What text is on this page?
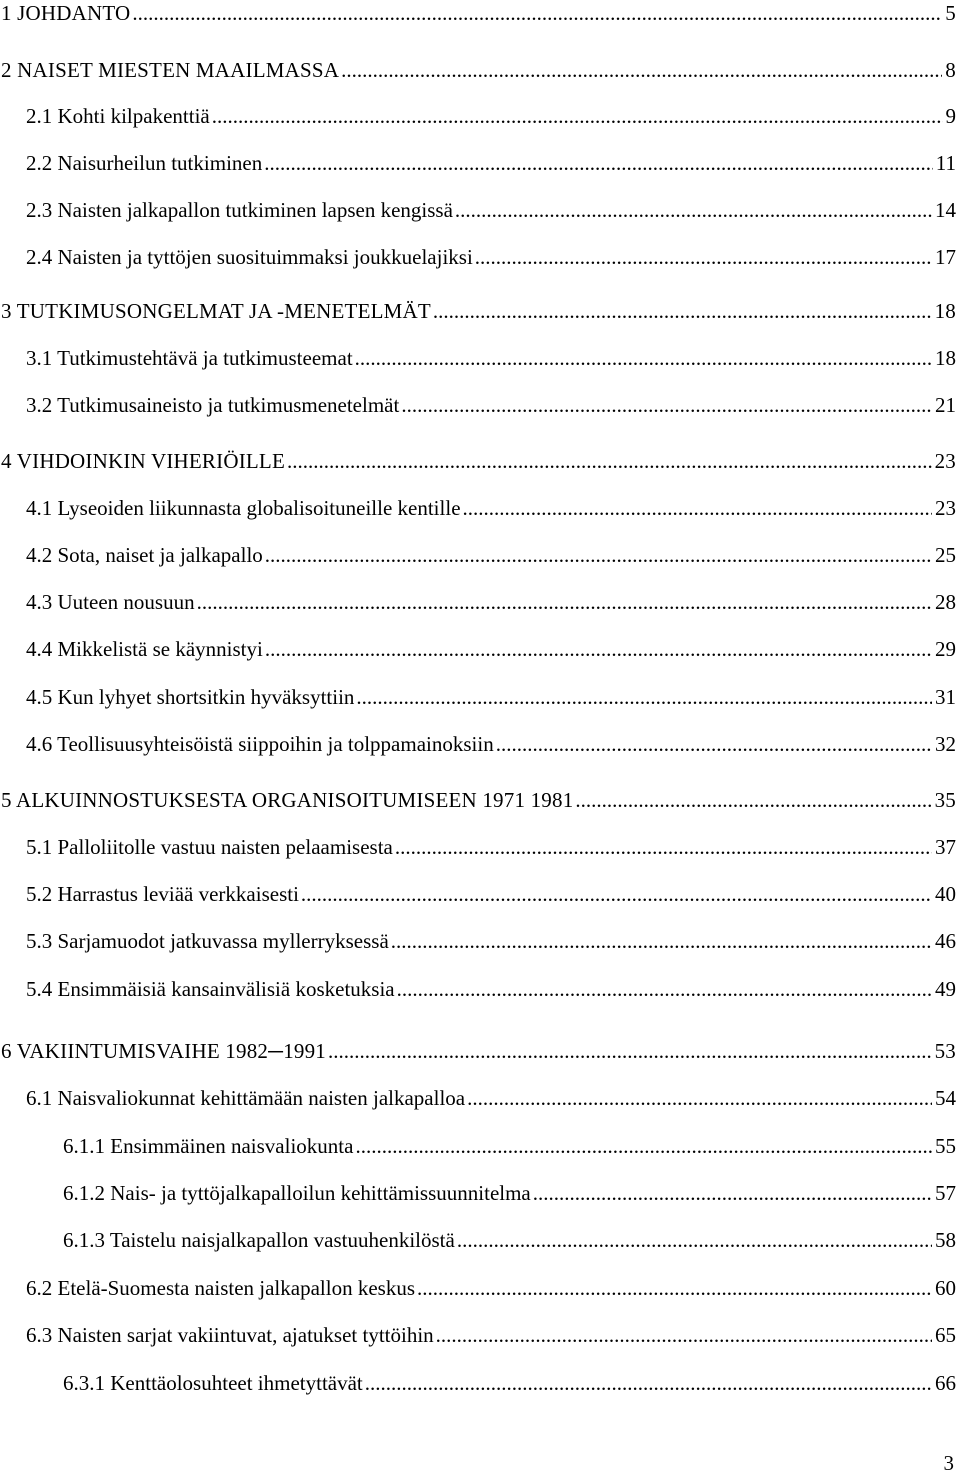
1 JOHDANTO .....	5
2 NAISET MIESTEN MAAILMASSA .....	8
2.1 Kohti kilpakenttiä .....	9
2.2 Naisurheilun tutkiminen .....	11
2.3 Naisten jalkapallon tutkiminen lapsen kengissä .....	14
2.4 Naisten ja tyttöjen suosituimmaksi joukkuelajiksi .....	17
3 TUTKIMUSONGELMAT JA -MENETELMÄT .....	18
3.1 Tutkimustehtävä ja tutkimusteemat .....	18
3.2 Tutkimusaineisto ja tutkimusmenetelmät .....	21
4 VIHDOINKIN VIHERIÖILLE .....	23
4.1 Lyseoiden liikunnasta globalisoituneille kentille .....	23
4.2 Sota, naiset ja jalkapallo .....	25
4.3 Uuteen nousuun .....	28
4.4 Mikkelistä se käynnistyi .....	29
4.5 Kun lyhyet shortsitkin hyväksyttiin .....	31
4.6 Teollisuusyhteisöistä siippoihin ja tolppamainoksiin .....	32
5 ALKUINNOSTUKSESTA ORGANISOITUMISEEN 1971 1981 .....	35
5.1 Palloliitolle vastuu naisten pelaamisesta .....	37
5.2 Harrastus leviää verkkaisesti .....	40
5.3 Sarjamuodot jatkuvassa myllerryksessä .....	46
5.4 Ensimmäisiä kansainvälisiä kosketuksia .....	49
6 VAKIINTUMISVAIHE 1982─1991 .....	53
6.1 Naisvaliokunnat kehittämään naisten jalkapalloa .....	54
6.1.1 Ensimmäinen naisvaliokunta .....	55
6.1.2 Nais- ja tyttöjalkapalloilun kehittämissuunnitelma .....	57
6.1.3 Taistelu naisjalkapallon vastuuhenkilöstä .....	58
6.2 Etelä-Suomesta naisten jalkapallon keskus .....	60
6.3 Naisten sarjat vakiintuvat, ajatukset tyttöihin .....	65
6.3.1 Kenttäolosuhteet ihmetyttävät .....	66
3
